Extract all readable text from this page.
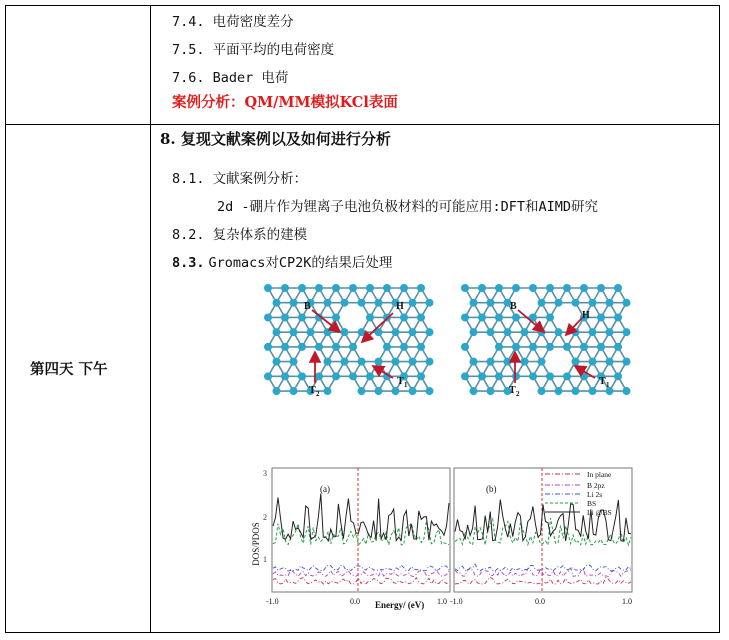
7.4. 电荷密度差分
7.5. 平面平均的电荷密度
7.6. Bader 电荷
案例分析：QM/MM模拟KCl表面
第四天 下午
8. 复现文献案例以及如何进行分析
8.1. 文献案例分析：
2d -硼片作为锂离子电池负极材料的可能应用:DFT和AIMD研究
8.2. 复杂体系的建模
8.3. Gromacs对CP2K的结果后处理
B	H
T 2
T 1
B
H
T 2
T 1
(a)	(b)
DOS/PDOS
3
2
1
-1.0	0.0	1.0 -1.0	0.0	1.0
Energy/ (eV)
In plane
B 2pz
Li 2s
BS
Li @BS
